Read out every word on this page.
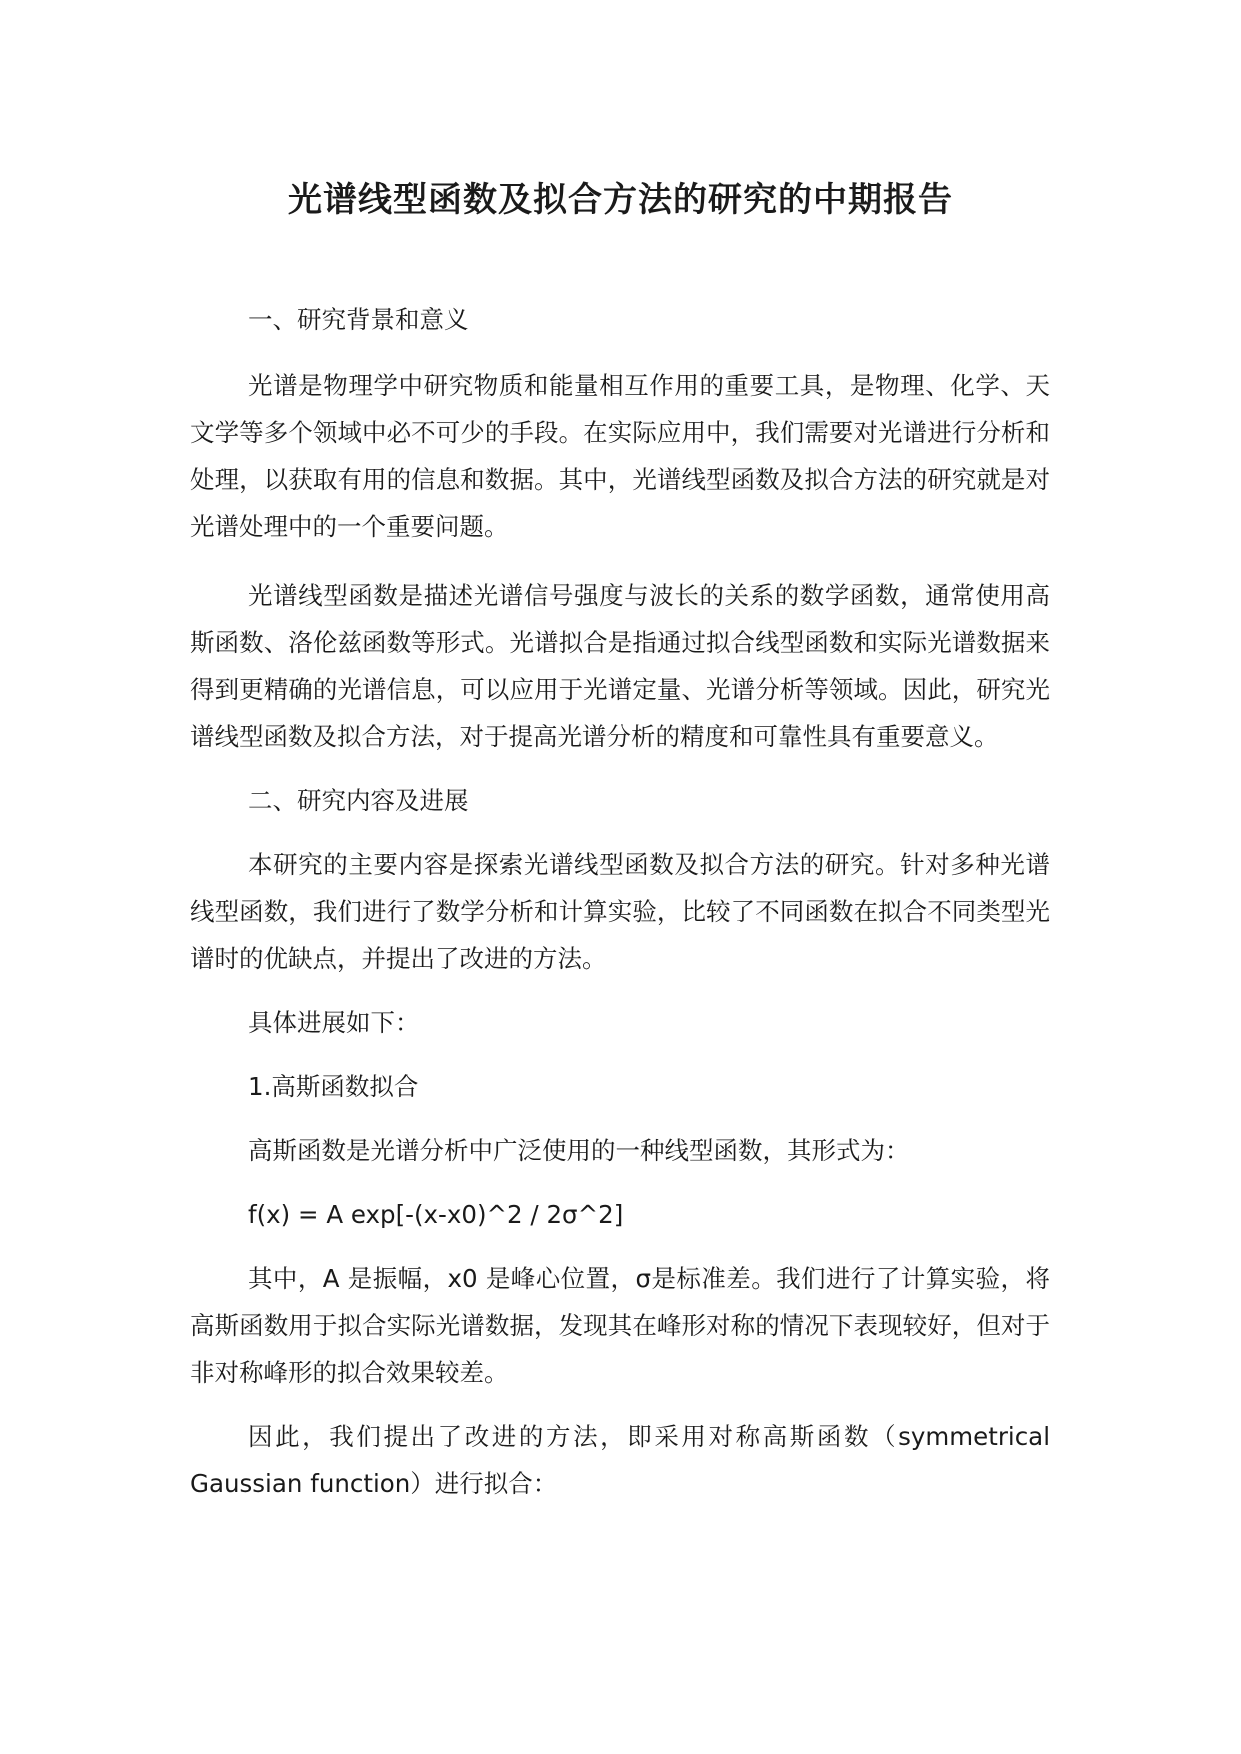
光谱线型函数及拟合方法的研究的中期报告

一、研究背景和意义

光谱是物理学中研究物质和能量相互作用的重要工具，是物理、化学、天文学等多个领域中必不可少的手段。在实际应用中，我们需要对光谱进行分析和处理，以获取有用的信息和数据。其中，光谱线型函数及拟合方法的研究就是对光谱处理中的一个重要问题。

光谱线型函数是描述光谱信号强度与波长的关系的数学函数，通常使用高斯函数、洛伦兹函数等形式。光谱拟合是指通过拟合线型函数和实际光谱数据来得到更精确的光谱信息，可以应用于光谱定量、光谱分析等领域。因此，研究光谱线型函数及拟合方法，对于提高光谱分析的精度和可靠性具有重要意义。

二、研究内容及进展

本研究的主要内容是探索光谱线型函数及拟合方法的研究。针对多种光谱线型函数，我们进行了数学分析和计算实验，比较了不同函数在拟合不同类型光谱时的优缺点，并提出了改进的方法。

具体进展如下：

1.高斯函数拟合

高斯函数是光谱分析中广泛使用的一种线型函数，其形式为：

f(x) = A exp[-(x-x0)^2 / 2σ^2]

其中，A 是振幅，x0 是峰心位置，σ是标准差。我们进行了计算实验，将高斯函数用于拟合实际光谱数据，发现其在峰形对称的情况下表现较好，但对于非对称峰形的拟合效果较差。

因此，我们提出了改进的方法，即采用对称高斯函数（symmetrical Gaussian function）进行拟合：
